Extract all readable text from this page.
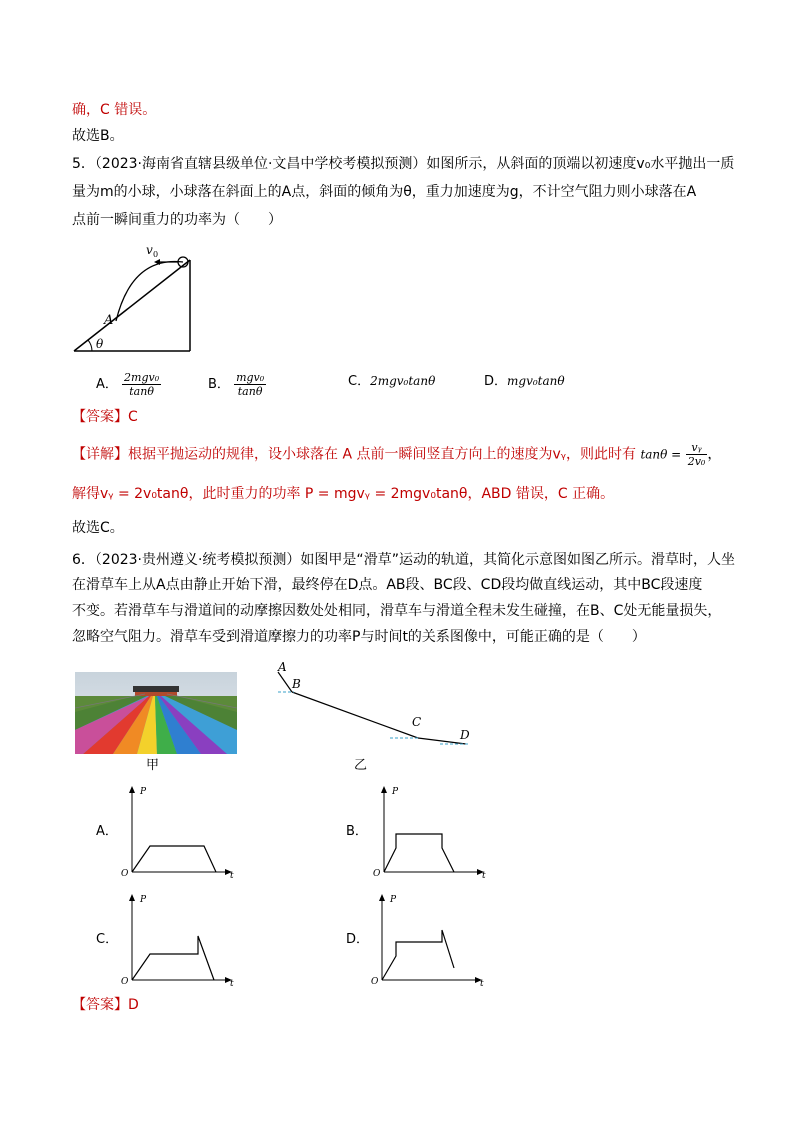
确，C 错误。
故选B。
5．（2023·海南省直辖县级单位·文昌中学校考模拟预测）如图所示，从斜面的顶端以初速度v₀水平抛出一质
量为m的小球，小球落在斜面上的A点，斜面的倾角为θ，重力加速度为g，不计空气阻力则小球落在A
点前一瞬间重力的功率为（　　）
v 0
A
θ
A． $\frac{\text{2mgv₀}}{\tan\theta}$	B． $\frac{\text{mgv₀}}{\tan\theta}$	C．2mgv₀tanθ	D．mgv₀tanθ
【答案】C
【详解】根据平抛运动的规律，设小球落在 A 点前一瞬间竖直方向上的速度为vᵧ，则此时有 $\tan\theta = \frac{\text{vᵧ}}{\text{2v₀}}$ ，
解得vᵧ = 2v₀tanθ，此时重力的功率 P = mgvᵧ = 2mgv₀tanθ，ABD 错误，C 正确。
故选C。
6．（2023·贵州遵义·统考模拟预测）如图甲是“滑草”运动的轨道，其简化示意图如图乙所示。滑草时，人坐
在滑草车上从A点由静止开始下滑，最终停在D点。AB段、BC段、CD段均做直线运动，其中BC段速度
不变。若滑草车与滑道间的动摩擦因数处处相同，滑草车与滑道全程未发生碰撞，在B、C处无能量损失，
忽略空气阻力。滑草车受到滑道摩擦力的功率P与时间t的关系图像中，可能正确的是（　　）
甲
A
B
C
D
乙
A．
P
t
O
B．
P
t
O
C．
P
t
O
D．
P
t
O
【答案】D
